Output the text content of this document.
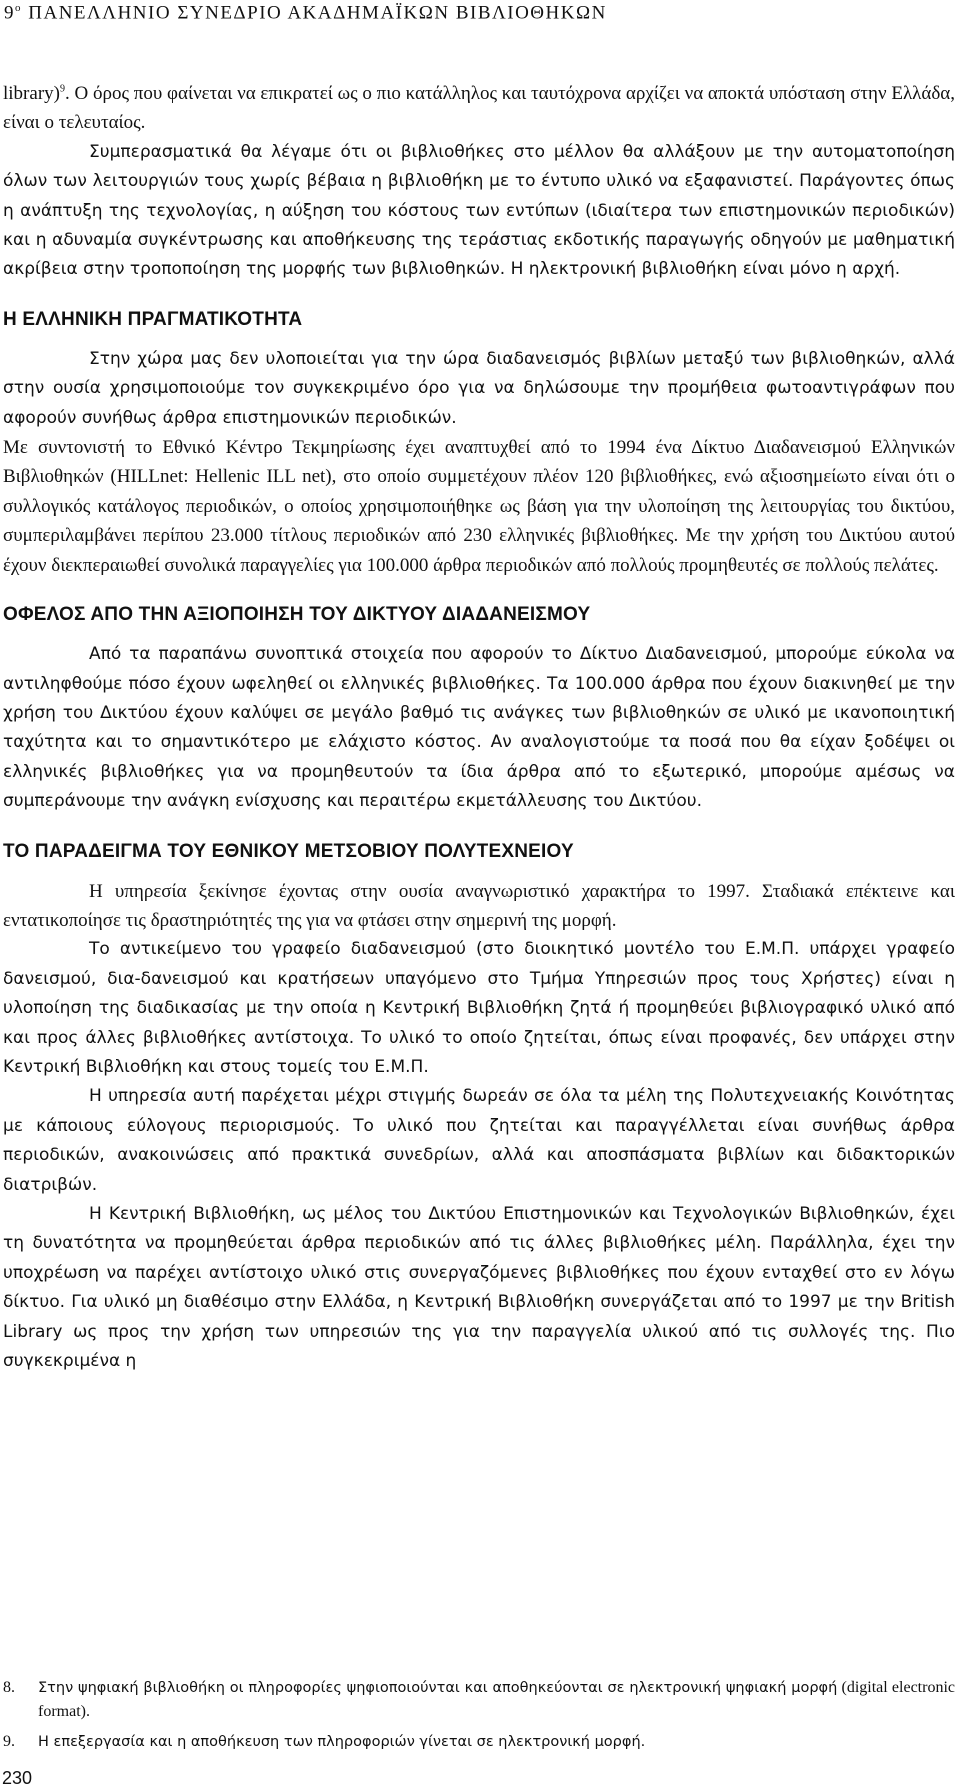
$9^o$ ΠΑΝΕΛΛΗΝΙΟ ΣΥΝΕΔΡΙΟ ΑΚΑΔΗΜΑΪΚΩΝ ΒΙΒΛΙΟΘΗΚΩΝ

library)$^9$. Ο όρος που φαίνεται να επικρατεί ως ο πιο κατάλληλος και ταυτόχρονα αρχίζει να αποκτά υπόσταση στην Ελλάδα, είναι ο τελευταίος.

Συμπερασματικά θα λέγαμε ότι οι βιβλιοθήκες στο μέλλον θα αλλάξουν με την αυτοματοποίηση όλων των λειτουργιών τους χωρίς βέβαια η βιβλιοθήκη με το έντυπο υλικό να εξαφανιστεί. Παράγοντες όπως η ανάπτυξη της τεχνολογίας, η αύξηση του κόστους των εντύπων (ιδιαίτερα των επιστημονικών περιοδικών) και η αδυναμία συγκέντρωσης και αποθήκευσης της τεράστιας εκδοτικής παραγωγής οδηγούν με μαθηματική ακρίβεια στην τροποποίηση της μορφής των βιβλιοθηκών. Η ηλεκτρονική βιβλιοθήκη είναι μόνο η αρχή.

Η ΕΛΛΗΝΙΚΗ ΠΡΑΓΜΑΤΙΚΟΤΗΤΑ

Στην χώρα μας δεν υλοποιείται για την ώρα διαδανεισμός βιβλίων μεταξύ των βιβλιοθηκών, αλλά στην ουσία χρησιμοποιούμε τον συγκεκριμένο όρο για να δηλώσουμε την προμήθεια φωτοαντιγράφων που αφορούν συνήθως άρθρα επιστημονικών περιοδικών.

Με συντονιστή το Εθνικό Κέντρο Τεκμηρίωσης έχει αναπτυχθεί από το 1994 ένα Δίκτυο Διαδανεισμού Ελληνικών Βιβλιοθηκών (HILLnet: Hellenic ILL net), στο οποίο συμμετέχουν πλέον 120 βιβλιοθήκες, ενώ αξιοσημείωτο είναι ότι ο συλλογικός κατάλογος περιοδικών, ο οποίος χρησιμοποιήθηκε ως βάση για την υλοποίηση της λειτουργίας του δικτύου, συμπεριλαμβάνει περίπου 23.000 τίτλους περιοδικών από 230 ελληνικές βιβλιοθήκες. Με την χρήση του Δικτύου αυτού έχουν διεκπεραιωθεί συνολικά παραγγελίες για 100.000 άρθρα περιοδικών από πολλούς προμηθευτές σε πολλούς πελάτες.

ΟΦΕΛΟΣ ΑΠΟ ΤΗΝ ΑΞΙΟΠΟΙΗΣΗ ΤΟΥ ΔΙΚΤΥΟΥ ΔΙΑΔΑΝΕΙΣΜΟΥ

Από τα παραπάνω συνοπτικά στοιχεία που αφορούν το Δίκτυο Διαδανεισμού, μπορούμε εύκολα να αντιληφθούμε πόσο έχουν ωφεληθεί οι ελληνικές βιβλιοθήκες. Τα 100.000 άρθρα που έχουν διακινηθεί με την χρήση του Δικτύου έχουν καλύψει σε μεγάλο βαθμό τις ανάγκες των βιβλιοθηκών σε υλικό με ικανοποιητική ταχύτητα και το σημαντικότερο με ελάχιστο κόστος. Αν αναλογιστούμε τα ποσά που θα είχαν ξοδέψει οι ελληνικές βιβλιοθήκες για να προμηθευτούν τα ίδια άρθρα από το εξωτερικό, μπορούμε αμέσως να συμπεράνουμε την ανάγκη ενίσχυσης και περαιτέρω εκμετάλλευσης του Δικτύου.

ΤΟ ΠΑΡΑΔΕΙΓΜΑ ΤΟΥ ΕΘΝΙΚΟΥ ΜΕΤΣΟΒΙΟΥ ΠΟΛΥΤΕΧΝΕΙΟΥ

Η υπηρεσία ξεκίνησε έχοντας στην ουσία αναγνωριστικό χαρακτήρα το 1997. Σταδιακά επέκτεινε και εντατικοποίησε τις δραστηριότητές της για να φτάσει στην σημερινή της μορφή.

Το αντικείμενο του γραφείο διαδανεισμού (στο διοικητικό μοντέλο του Ε.Μ.Π. υπάρχει γραφείο δανεισμού, δια-δανεισμού και κρατήσεων υπαγόμενο στο Τμήμα Υπηρεσιών προς τους Χρήστες) είναι η υλοποίηση της διαδικασίας με την οποία η Κεντρική Βιβλιοθήκη ζητά ή προμηθεύει βιβλιογραφικό υλικό από και προς άλλες βιβλιοθήκες αντίστοιχα. Το υλικό το οποίο ζητείται, όπως είναι προφανές, δεν υπάρχει στην Κεντρική Βιβλιοθήκη και στους τομείς του Ε.Μ.Π.

Η υπηρεσία αυτή παρέχεται μέχρι στιγμής δωρεάν σε όλα τα μέλη της Πολυτεχνειακής Κοινότητας με κάποιους εύλογους περιορισμούς. Το υλικό που ζητείται και παραγγέλλεται είναι συνήθως άρθρα περιοδικών, ανακοινώσεις από πρακτικά συνεδρίων, αλλά και αποσπάσματα βιβλίων και διδακτορικών διατριβών.

Η Κεντρική Βιβλιοθήκη, ως μέλος του Δικτύου Επιστημονικών και Τεχνολογικών Βιβλιοθηκών, έχει τη δυνατότητα να προμηθεύεται άρθρα περιοδικών από τις άλλες βιβλιοθήκες μέλη. Παράλληλα, έχει την υποχρέωση να παρέχει αντίστοιχο υλικό στις συνεργαζόμενες βιβλιοθήκες που έχουν ενταχθεί στο εν λόγω δίκτυο. Για υλικό μη διαθέσιμο στην Ελλάδα, η Κεντρική Βιβλιοθήκη συνεργάζεται από το 1997 με την British Library ως προς την χρήση των υπηρεσιών της για την παραγγελία υλικού από τις συλλογές της. Πιο συγκεκριμένα η

8.	Στην ψηφιακή βιβλιοθήκη οι πληροφορίες ψηφιοποιούνται και αποθηκεύονται σε ηλεκτρονική ψηφιακή μορφή (digital electronic format).
9.	Η επεξεργασία και η αποθήκευση των πληροφοριών γίνεται σε ηλεκτρονική μορφή.
230
